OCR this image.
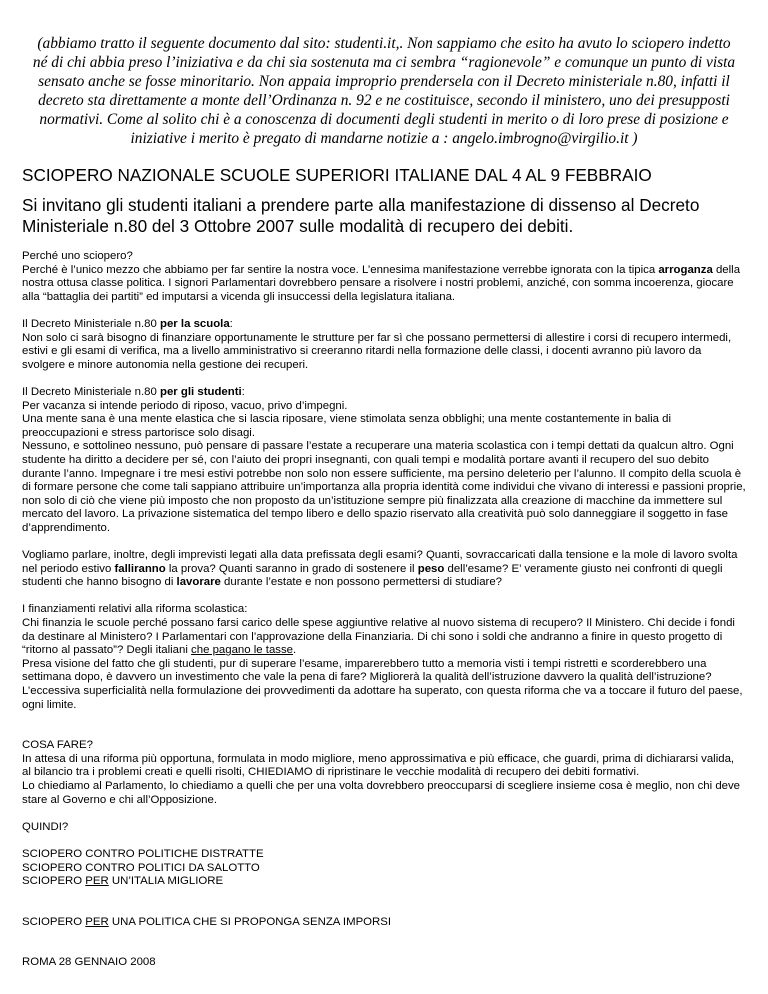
(abbiamo tratto il seguente documento dal sito: studenti.it,. Non sappiamo che esito ha avuto lo sciopero indetto né di chi abbia preso l’iniziativa e da chi sia sostenuta ma ci sembra “ragionevole” e comunque un punto di vista sensato anche se fosse minoritario. Non appaia improprio prendersela con il Decreto ministeriale n.80, infatti il decreto sta direttamente a monte dell’Ordinanza n. 92 e ne costituisce, secondo il ministero, uno dei presupposti normativi. Come al solito chi è a conoscenza di documenti degli studenti in merito o di loro prese di posizione e iniziative i merito è pregato di mandarne notizie a : angelo.imbrogno@virgilio.it )
SCIOPERO NAZIONALE SCUOLE SUPERIORI ITALIANE DAL 4 AL 9 FEBBRAIO
Si invitano gli studenti italiani a prendere parte alla manifestazione di dissenso al Decreto Ministeriale n.80 del 3 Ottobre 2007 sulle modalità di recupero dei debiti.

Perché uno sciopero?

Perché è l’unico mezzo che abbiamo per far sentire la nostra voce. L’ennesima manifestazione verrebbe ignorata con la tipica arroganza della nostra ottusa classe politica. I signori Parlamentari dovrebbero pensare a risolvere i nostri problemi, anziché, con somma incoerenza, giocare alla “battaglia dei partiti” ed imputarsi a vicenda gli insuccessi della legislatura italiana.

Il Decreto Ministeriale n.80 per la scuola:

Non solo ci sarà bisogno di finanziare opportunamente le strutture per far sì che possano permettersi di allestire i corsi di recupero intermedi, estivi e gli esami di verifica, ma a livello amministrativo si creeranno ritardi nella formazione delle classi, i docenti avranno più lavoro da svolgere e minore autonomia nella gestione dei recuperi.

Il Decreto Ministeriale n.80 per gli studenti:

Per vacanza si intende periodo di riposo, vacuo, privo d’impegni.

Una mente sana è una mente elastica che si lascia riposare, viene stimolata senza obblighi; una mente costantemente in balia di preoccupazioni e stress partorisce solo disagi.

Nessuno, e sottolineo nessuno, può pensare di passare l’estate a recuperare una materia scolastica con i tempi dettati da qualcun altro. Ogni studente ha diritto a decidere per sé, con l’aiuto dei propri insegnanti, con quali tempi e modalità portare avanti il recupero del suo debito durante l’anno. Impegnare i tre mesi estivi potrebbe non solo non essere sufficiente, ma persino deleterio per l’alunno. Il compito della scuola è di formare persone che come tali sappiano attribuire un’importanza alla propria identità come individui che vivano di interessi e passioni proprie, non solo di ciò che viene più imposto che non proposto da un’istituzione sempre più finalizzata alla creazione di macchine da immettere sul mercato del lavoro. La privazione sistematica del tempo libero e dello spazio riservato alla creatività può solo danneggiare il soggetto in fase d’apprendimento.

Vogliamo parlare, inoltre, degli imprevisti legati alla data prefissata degli esami? Quanti, sovraccaricati dalla tensione e la mole di lavoro svolta nel periodo estivo falliranno la prova? Quanti saranno in grado di sostenere il peso dell’esame? E’ veramente giusto nei confronti di quegli studenti che hanno bisogno di lavorare durante l’estate e non possono permettersi di studiare?

I finanziamenti relativi alla riforma scolastica:

Chi finanzia le scuole perché possano farsi carico delle spese aggiuntive relative al nuovo sistema di recupero? Il Ministero. Chi decide i fondi da destinare al Ministero? I Parlamentari con l’approvazione della Finanziaria. Di chi sono i soldi che andranno a finire in questo progetto di “ritorno al passato”? Degli italiani che pagano le tasse.

Presa visione del fatto che gli studenti, pur di superare l’esame, imparerebbero tutto a memoria visti i tempi ristretti e scorderebbero una settimana dopo, è davvero un investimento che vale la pena di fare? Migliorerà la qualità dell’istruzione davvero la qualità dell’istruzione?

L’eccessiva superficialità nella formulazione dei provvedimenti da adottare ha superato, con questa riforma che va a toccare il futuro del paese, ogni limite.

COSA FARE?

In attesa di una riforma più opportuna, formulata in modo migliore, meno approssimativa e più efficace, che guardi, prima di dichiararsi valida, al bilancio tra i problemi creati e quelli risolti, CHIEDIAMO di ripristinare le vecchie modalità di recupero dei debiti formativi.

Lo chiediamo al Parlamento, lo chiediamo a quelli che per una volta dovrebbero preoccuparsi di scegliere insieme cosa è meglio, non chi deve stare al Governo e chi all’Opposizione.

QUINDI?

SCIOPERO CONTRO POLITICHE DISTRATTE

SCIOPERO CONTRO POLITICI DA SALOTTO

SCIOPERO PER UN’ITALIA MIGLIORE

SCIOPERO PER UNA POLITICA CHE SI PROPONGA SENZA IMPORSI

ROMA 28 GENNAIO 2008
